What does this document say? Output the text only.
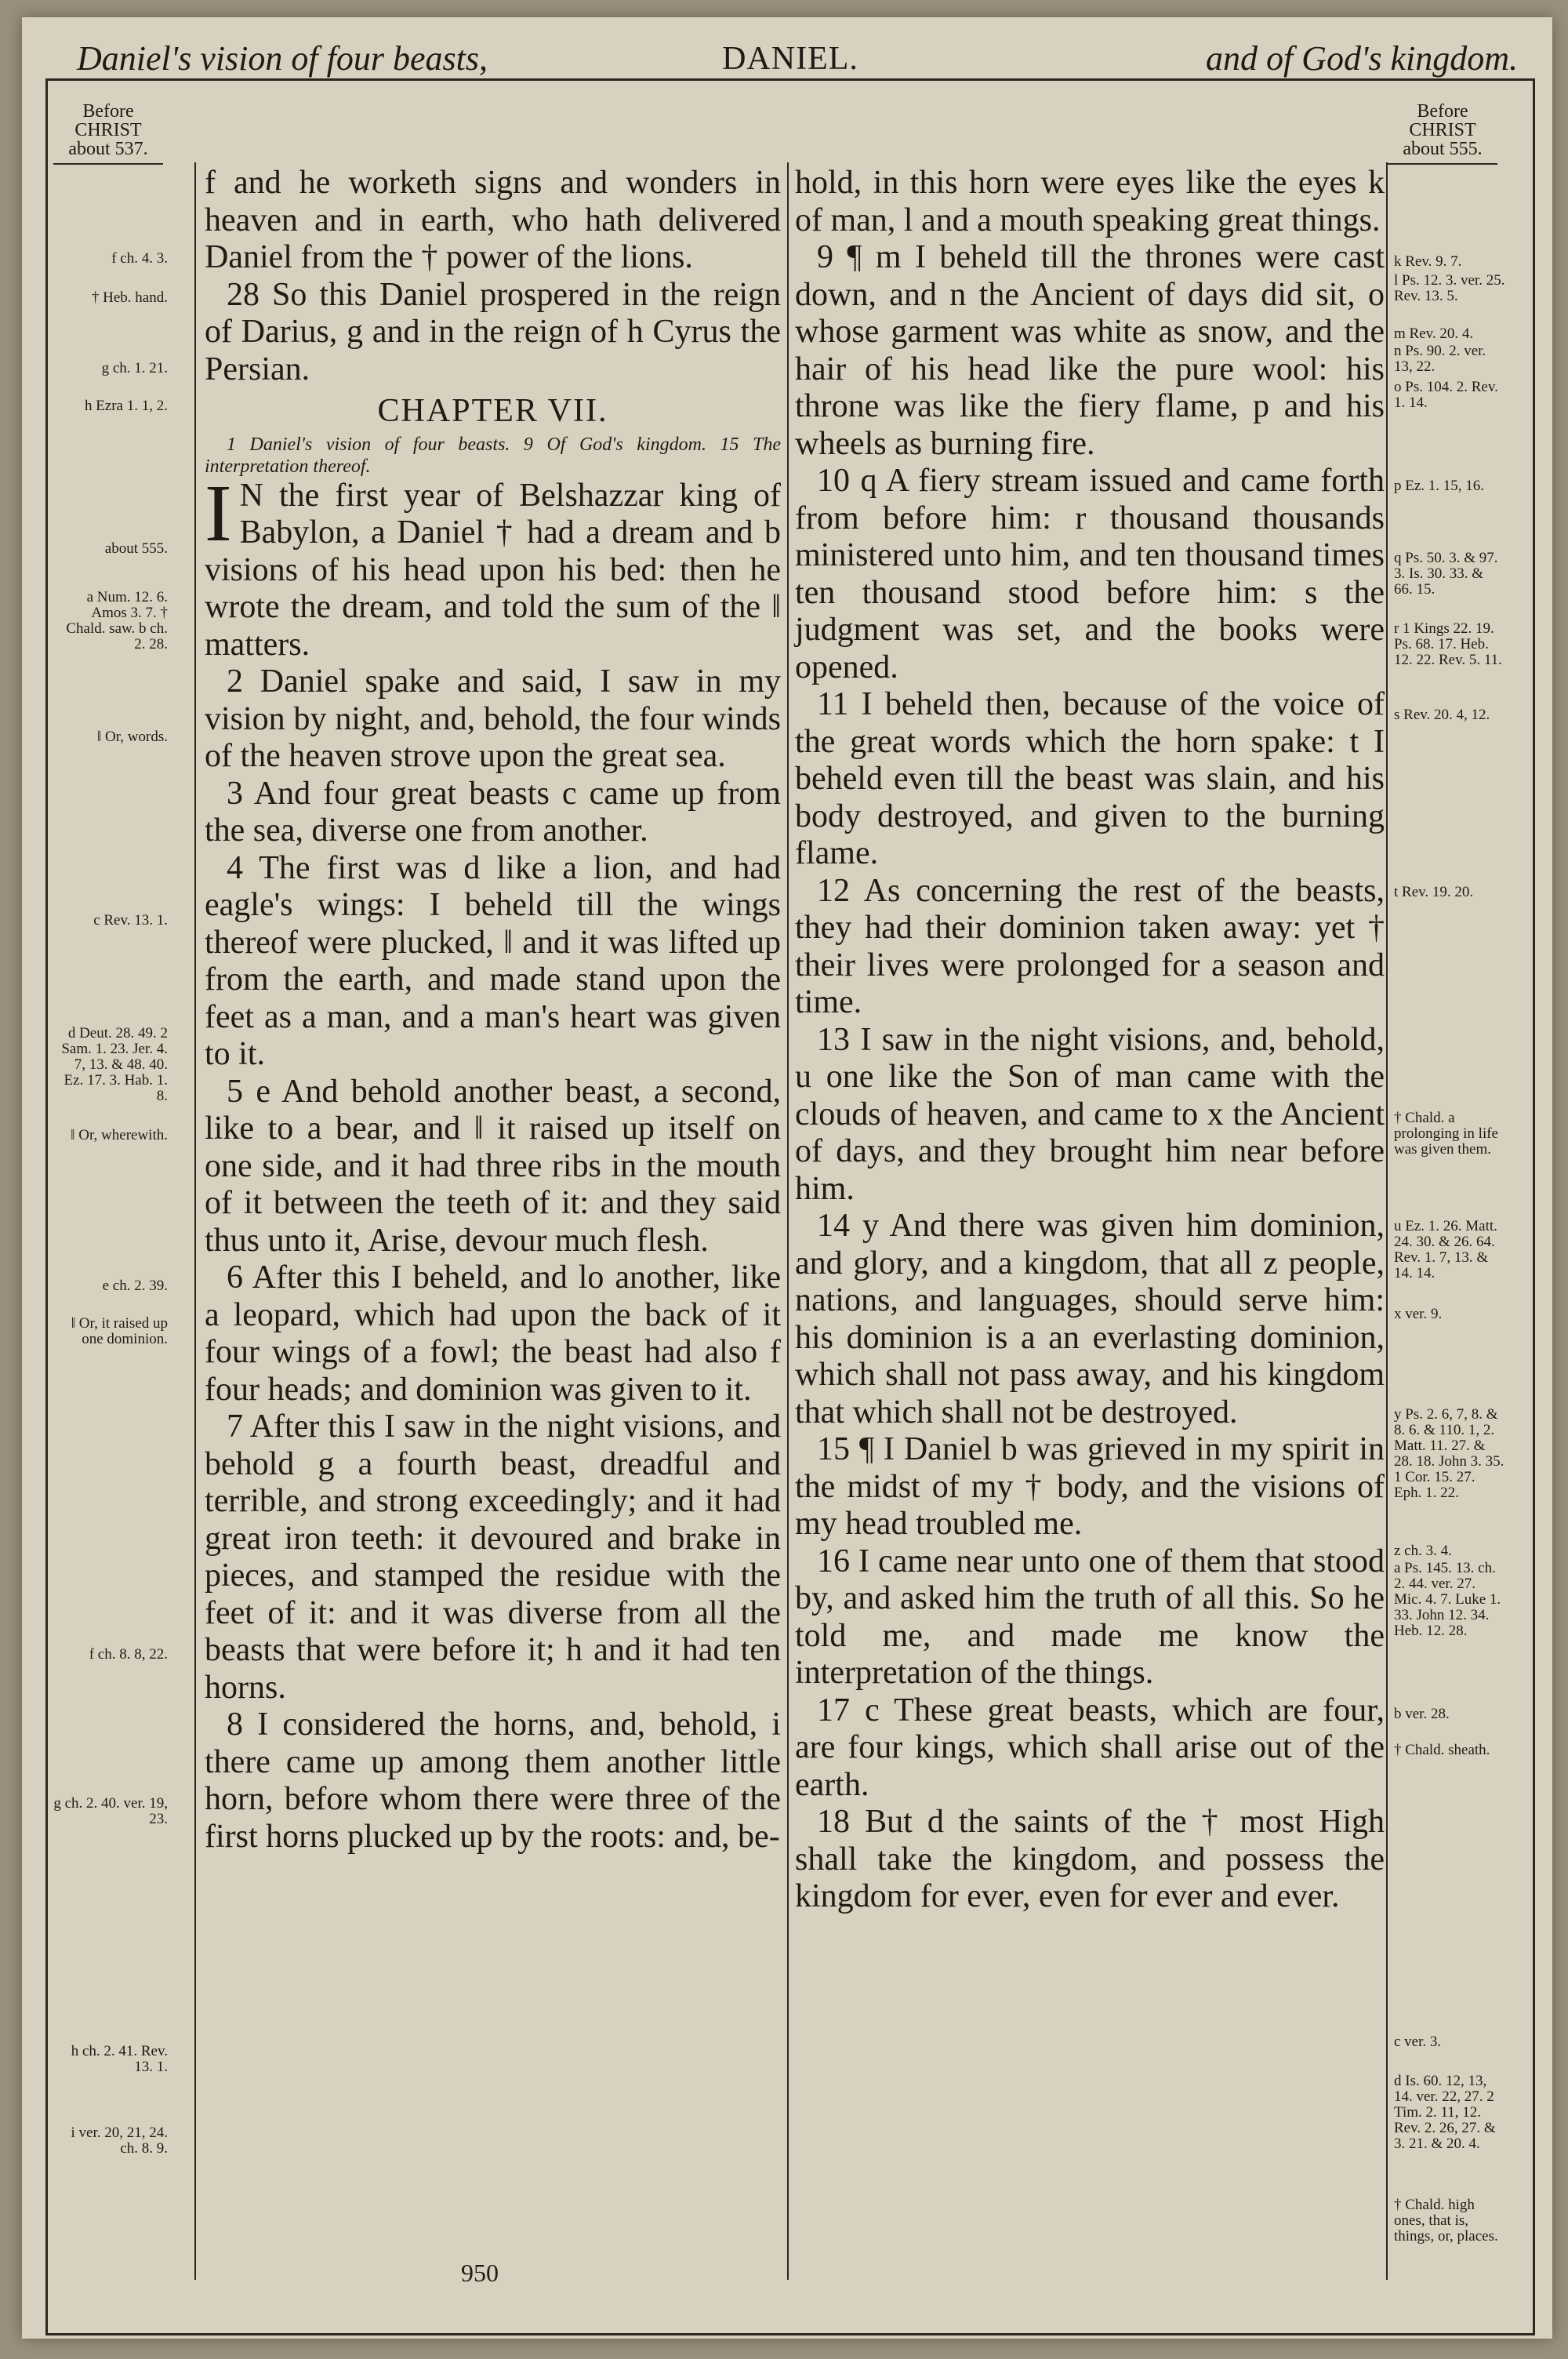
Daniel's vision of four beasts,	DANIEL.	and of God's kingdom.
Before CHRIST about 537.
f ch. 4. 3.
† Heb. hand.
g ch. 1. 21.
h Ezra 1. 1, 2.
about 555.
a Num. 12. 6. Amos 3. 7. † Chald. saw. b ch. 2. 28.
‖ Or, words.
c Rev. 13. 1.
d Deut. 28. 49. 2 Sam. 1. 23. Jer. 4. 7, 13. & 48. 40. Ez. 17. 3. Hab. 1. 8.
‖ Or, wherewith.
e ch. 2. 39.
‖ Or, it raised up one dominion.
f ch. 8. 8, 22.
g ch. 2. 40. ver. 19, 23.
h ch. 2. 41. Rev. 13. 1.
i ver. 20, 21, 24. ch. 8. 9.
Before CHRIST about 555.
k Rev. 9. 7.
l Ps. 12. 3. ver. 25. Rev. 13. 5.
m Rev. 20. 4.
n Ps. 90. 2. ver. 13, 22.
o Ps. 104. 2. Rev. 1. 14.
p Ez. 1. 15, 16.
q Ps. 50. 3. & 97. 3. Is. 30. 33. & 66. 15.
r 1 Kings 22. 19. Ps. 68. 17. Heb. 12. 22. Rev. 5. 11.
s Rev. 20. 4, 12.
t Rev. 19. 20.
† Chald. a prolonging in life was given them.
u Ez. 1. 26. Matt. 24. 30. & 26. 64. Rev. 1. 7, 13. & 14. 14.
x ver. 9.
y Ps. 2. 6, 7, 8. & 8. 6. & 110. 1, 2. Matt. 11. 27. & 28. 18. John 3. 35. 1 Cor. 15. 27. Eph. 1. 22.
z ch. 3. 4.
a Ps. 145. 13. ch. 2. 44. ver. 27. Mic. 4. 7. Luke 1. 33. John 12. 34. Heb. 12. 28.
b ver. 28.
† Chald. sheath.
c ver. 3.
d Is. 60. 12, 13, 14. ver. 22, 27. 2 Tim. 2. 11, 12. Rev. 2. 26, 27. & 3. 21. & 20. 4.
† Chald. high ones, that is, things, or, places.

f and he worketh signs and wonders in heaven and in earth, who hath delivered Daniel from the † power of the lions.

28 So this Daniel prospered in the reign of Darius, g and in the reign of h Cyrus the Persian.

CHAPTER VII.

1 Daniel's vision of four beasts. 9 Of God's kingdom. 15 The interpretation thereof.

I N the first year of Belshazzar king of Babylon, a Daniel † had a dream and b visions of his head upon his bed: then he wrote the dream, and told the sum of the ‖ matters.

2 Daniel spake and said, I saw in my vision by night, and, behold, the four winds of the heaven strove upon the great sea.

3 And four great beasts c came up from the sea, diverse one from another.

4 The first was d like a lion, and had eagle's wings: I beheld till the wings thereof were plucked, ‖ and it was lifted up from the earth, and made stand upon the feet as a man, and a man's heart was given to it.

5 e And behold another beast, a second, like to a bear, and ‖ it raised up itself on one side, and it had three ribs in the mouth of it between the teeth of it: and they said thus unto it, Arise, devour much flesh.

6 After this I beheld, and lo another, like a leopard, which had upon the back of it four wings of a fowl; the beast had also f four heads; and dominion was given to it.

7 After this I saw in the night visions, and behold g a fourth beast, dreadful and terrible, and strong exceedingly; and it had great iron teeth: it devoured and brake in pieces, and stamped the residue with the feet of it: and it was diverse from all the beasts that were before it; h and it had ten horns.

8 I considered the horns, and, behold, i there came up among them another little horn, before whom there were three of the first horns plucked up by the roots: and, be-

hold, in this horn were eyes like the eyes k of man, l and a mouth speaking great things.

9 ¶ m I beheld till the thrones were cast down, and n the Ancient of days did sit, o whose garment was white as snow, and the hair of his head like the pure wool: his throne was like the fiery flame, p and his wheels as burning fire.

10 q A fiery stream issued and came forth from before him: r thousand thousands ministered unto him, and ten thousand times ten thousand stood before him: s the judgment was set, and the books were opened.

11 I beheld then, because of the voice of the great words which the horn spake: t I beheld even till the beast was slain, and his body destroyed, and given to the burning flame.

12 As concerning the rest of the beasts, they had their dominion taken away: yet † their lives were prolonged for a season and time.

13 I saw in the night visions, and, behold, u one like the Son of man came with the clouds of heaven, and came to x the Ancient of days, and they brought him near before him.

14 y And there was given him dominion, and glory, and a kingdom, that all z people, nations, and languages, should serve him: his dominion is a an everlasting dominion, which shall not pass away, and his kingdom that which shall not be destroyed.

15 ¶ I Daniel b was grieved in my spirit in the midst of my † body, and the visions of my head troubled me.

16 I came near unto one of them that stood by, and asked him the truth of all this. So he told me, and made me know the interpretation of the things.

17 c These great beasts, which are four, are four kings, which shall arise out of the earth.

18 But d the saints of the † most High shall take the kingdom, and possess the kingdom for ever, even for ever and ever.

950
